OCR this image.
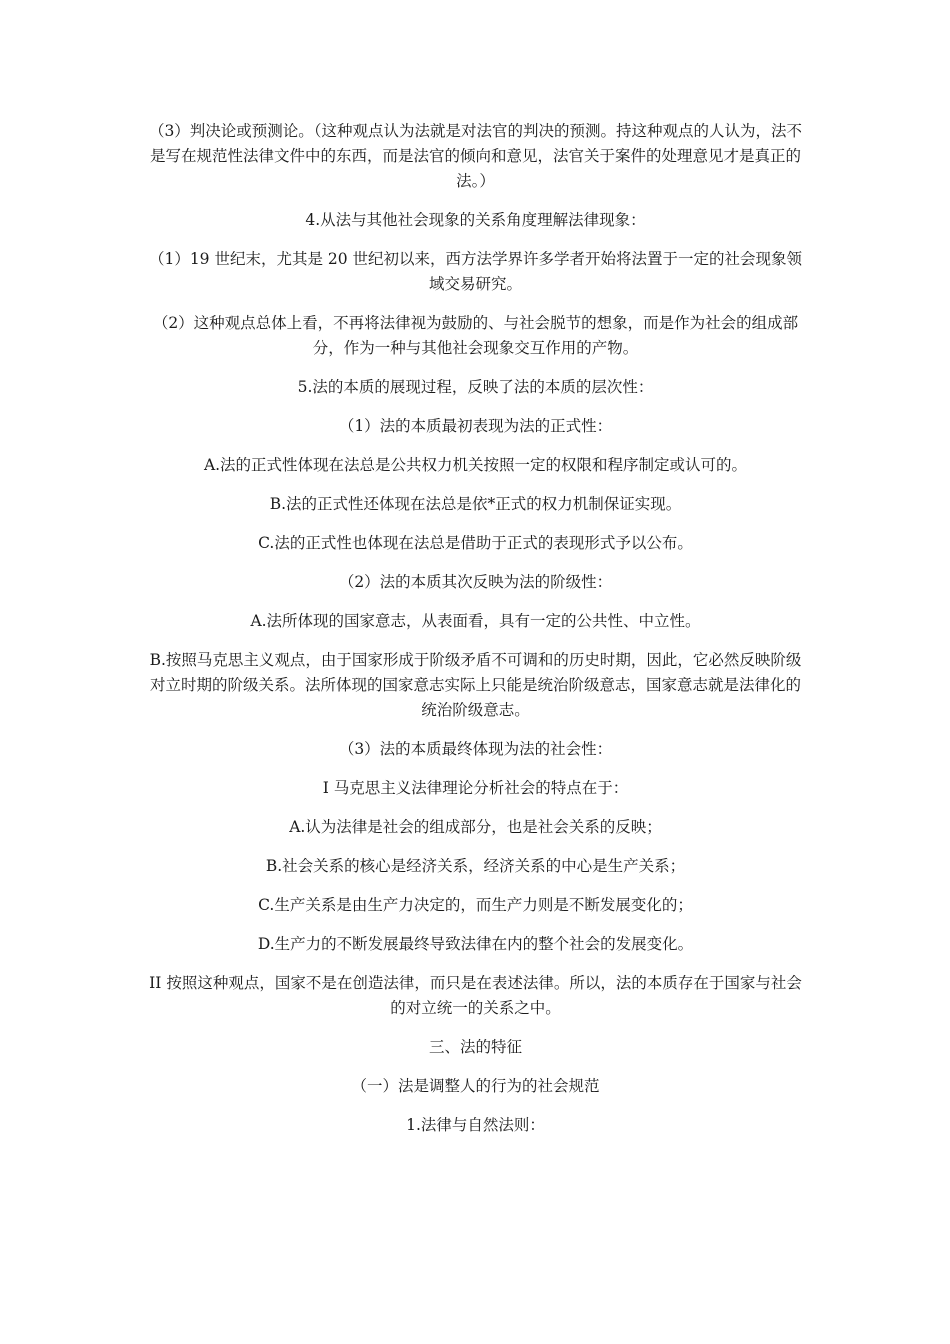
（3）判决论或预测论。（这种观点认为法就是对法官的判决的预测。持这种观点的人认为，法不是写在规范性法律文件中的东西，而是法官的倾向和意见，法官关于案件的处理意见才是真正的法。）

4.从法与其他社会现象的关系角度理解法律现象：

（1）19 世纪末，尤其是 20 世纪初以来，西方法学界许多学者开始将法置于一定的社会现象领域交易研究。

（2）这种观点总体上看，不再将法律视为鼓励的、与社会脱节的想象，而是作为社会的组成部分，作为一种与其他社会现象交互作用的产物。

5.法的本质的展现过程，反映了法的本质的层次性：

（1）法的本质最初表现为法的正式性：

A.法的正式性体现在法总是公共权力机关按照一定的权限和程序制定或认可的。

B.法的正式性还体现在法总是依*正式的权力机制保证实现。

C.法的正式性也体现在法总是借助于正式的表现形式予以公布。

（2）法的本质其次反映为法的阶级性：

A.法所体现的国家意志，从表面看，具有一定的公共性、中立性。

B.按照马克思主义观点，由于国家形成于阶级矛盾不可调和的历史时期，因此，它必然反映阶级对立时期的阶级关系。法所体现的国家意志实际上只能是统治阶级意志，国家意志就是法律化的统治阶级意志。

（3）法的本质最终体现为法的社会性：

I 马克思主义法律理论分析社会的特点在于：

A.认为法律是社会的组成部分，也是社会关系的反映；

B.社会关系的核心是经济关系，经济关系的中心是生产关系；

C.生产关系是由生产力决定的，而生产力则是不断发展变化的；

D.生产力的不断发展最终导致法律在内的整个社会的发展变化。

II 按照这种观点，国家不是在创造法律，而只是在表述法律。所以，法的本质存在于国家与社会的对立统一的关系之中。

三、法的特征

（一）法是调整人的行为的社会规范

1.法律与自然法则：
